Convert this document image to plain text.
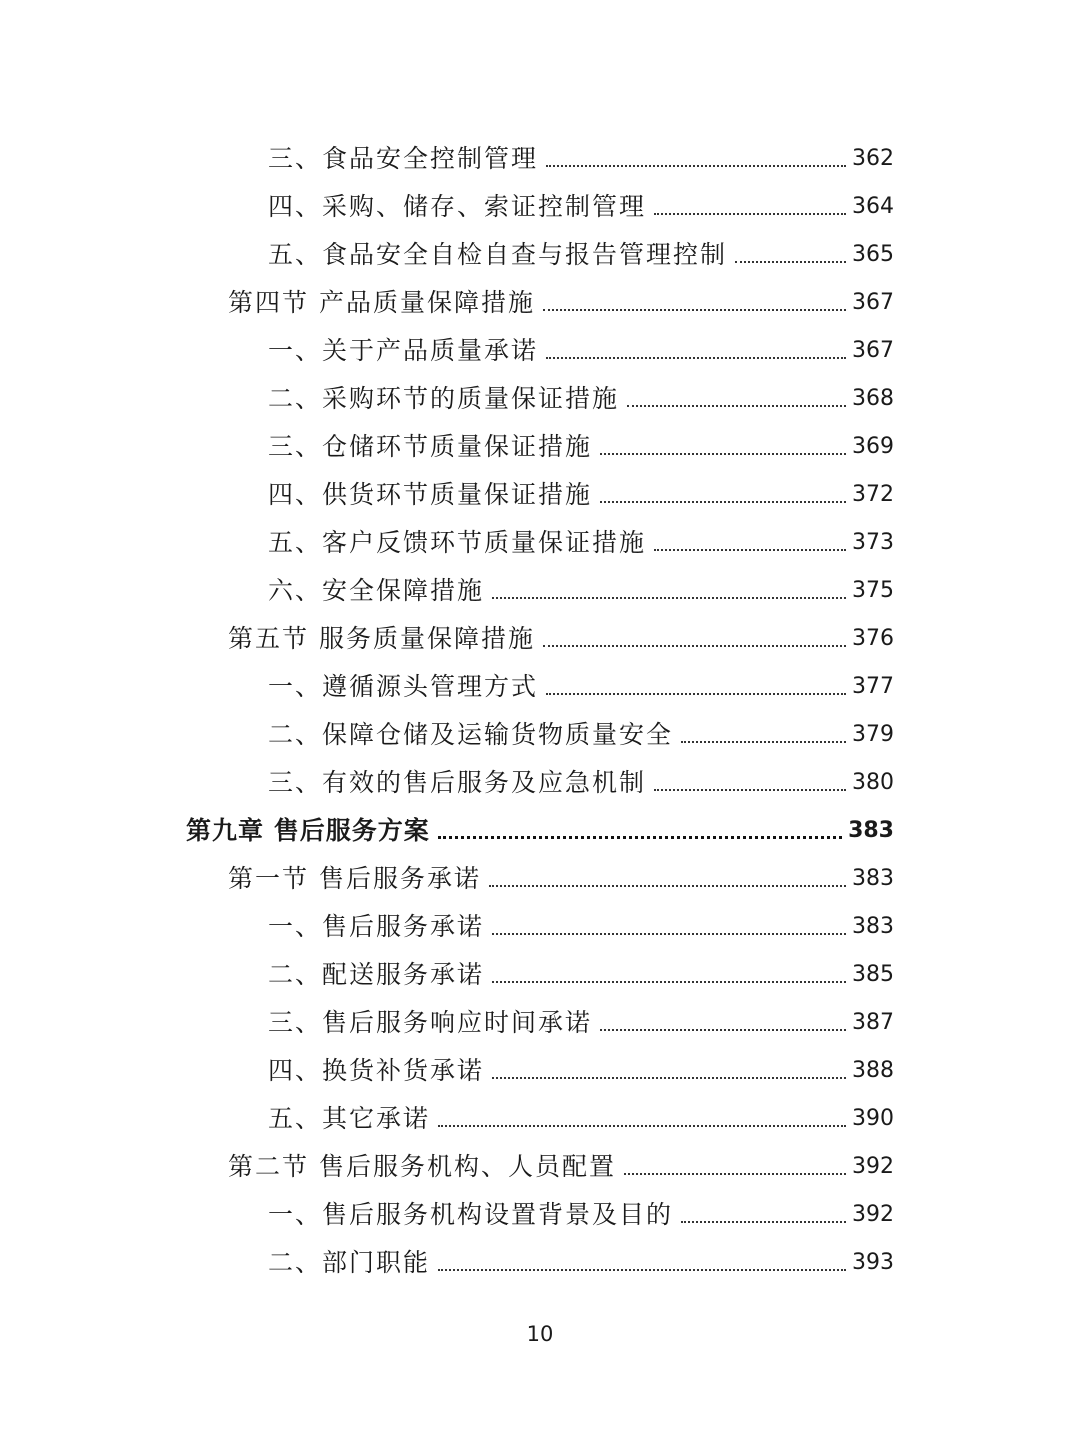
三、食品安全控制管理	362
四、采购、储存、索证控制管理	364
五、食品安全自检自查与报告管理控制	365
第四节 产品质量保障措施	367
一、关于产品质量承诺	367
二、采购环节的质量保证措施	368
三、仓储环节质量保证措施	369
四、供货环节质量保证措施	372
五、客户反馈环节质量保证措施	373
六、安全保障措施	375
第五节 服务质量保障措施	376
一、遵循源头管理方式	377
二、保障仓储及运输货物质量安全	379
三、有效的售后服务及应急机制	380
第九章 售后服务方案	383
第一节 售后服务承诺	383
一、售后服务承诺	383
二、配送服务承诺	385
三、售后服务响应时间承诺	387
四、换货补货承诺	388
五、其它承诺	390
第二节 售后服务机构、人员配置	392
一、售后服务机构设置背景及目的	392
二、部门职能	393
10
